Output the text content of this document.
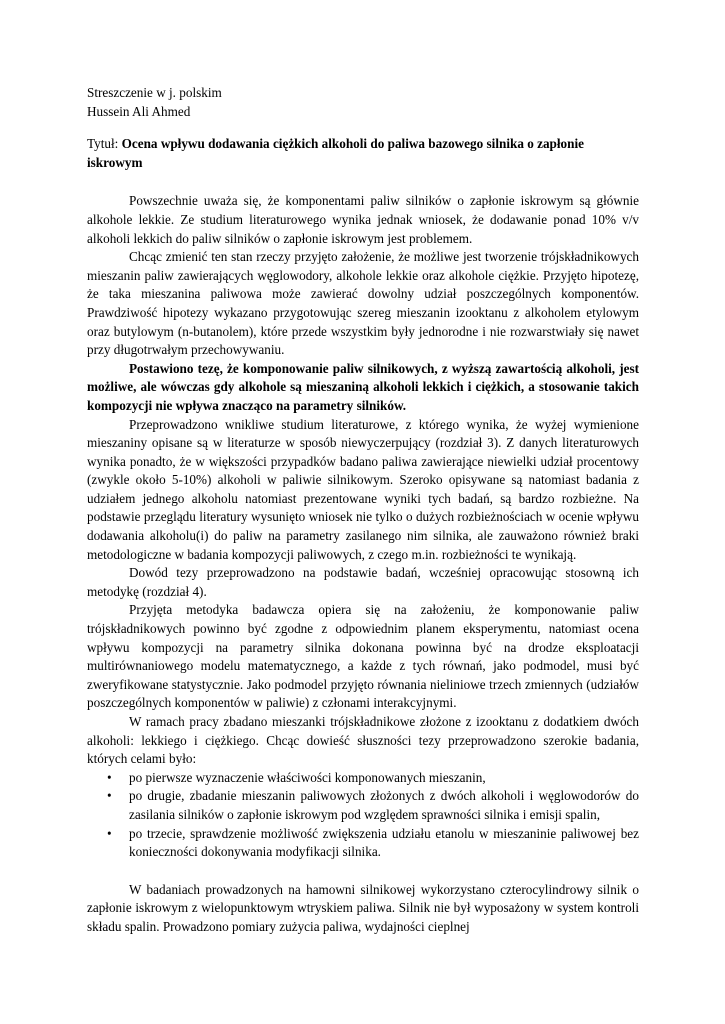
Streszczenie w j. polskim
Hussein Ali Ahmed
Tytuł: Ocena wpływu dodawania ciężkich alkoholi do paliwa bazowego silnika o zapłonie iskrowym

Powszechnie uważa się, że komponentami paliw silników o zapłonie iskrowym są głównie alkohole lekkie. Ze studium literaturowego wynika jednak wniosek, że dodawanie ponad 10% v/v alkoholi lekkich do paliw silników o zapłonie iskrowym jest problemem.

Chcąc zmienić ten stan rzeczy przyjęto założenie, że możliwe jest tworzenie trójskładnikowych mieszanin paliw zawierających węglowodory, alkohole lekkie oraz alkohole ciężkie. Przyjęto hipotezę, że taka mieszanina paliwowa może zawierać dowolny udział poszczególnych komponentów. Prawdziwość hipotezy wykazano przygotowując szereg mieszanin izooktanu z alkoholem etylowym oraz butylowym (n-butanolem), które przede wszystkim były jednorodne i nie rozwarstwiały się nawet przy długotrwałym przechowywaniu.

Postawiono tezę, że komponowanie paliw silnikowych, z wyższą zawartością alkoholi, jest możliwe, ale wówczas gdy alkohole są mieszaniną alkoholi lekkich i ciężkich, a stosowanie takich kompozycji nie wpływa znacząco na parametry silników.

Przeprowadzono wnikliwe studium literaturowe, z którego wynika, że wyżej wymienione mieszaniny opisane są w literaturze w sposób niewyczerpujący (rozdział 3). Z danych literaturowych wynika ponadto, że w większości przypadków badano paliwa zawierające niewielki udział procentowy (zwykle około 5-10%) alkoholi w paliwie silnikowym. Szeroko opisywane są natomiast badania z udziałem jednego alkoholu natomiast prezentowane wyniki tych badań, są bardzo rozbieżne. Na podstawie przeglądu literatury wysunięto wniosek nie tylko o dużych rozbieżnościach w ocenie wpływu dodawania alkoholu(i) do paliw na parametry zasilanego nim silnika, ale zauważono również braki metodologiczne w badania kompozycji paliwowych, z czego m.in. rozbieżności te wynikają.

Dowód tezy przeprowadzono na podstawie badań, wcześniej opracowując stosowną ich metodykę (rozdział 4).

Przyjęta metodyka badawcza opiera się na założeniu, że komponowanie paliw trójskładnikowych powinno być zgodne z odpowiednim planem eksperymentu, natomiast ocena wpływu kompozycji na parametry silnika dokonana powinna być na drodze eksploatacji multirównaniowego modelu matematycznego, a każde z tych równań, jako podmodel, musi być zweryfikowane statystycznie. Jako podmodel przyjęto równania nieliniowe trzech zmiennych (udziałów poszczególnych komponentów w paliwie) z członami interakcyjnymi.

W ramach pracy zbadano mieszanki trójskładnikowe złożone z izooktanu z dodatkiem dwóch alkoholi: lekkiego i ciężkiego. Chcąc dowieść słuszności tezy przeprowadzono szerokie badania, których celami było:

• po pierwsze wyznaczenie właściwości komponowanych mieszanin,
• po drugie, zbadanie mieszanin paliwowych złożonych z dwóch alkoholi i węglowodorów do zasilania silników o zapłonie iskrowym pod względem sprawności silnika i emisji spalin,
• po trzecie, sprawdzenie możliwość zwiększenia udziału etanolu w mieszaninie paliwowej bez konieczności dokonywania modyfikacji silnika.

W badaniach prowadzonych na hamowni silnikowej wykorzystano czterocylindrowy silnik o zapłonie iskrowym z wielopunktowym wtryskiem paliwa. Silnik nie był wyposażony w system kontroli składu spalin. Prowadzono pomiary zużycia paliwa, wydajności cieplnej
